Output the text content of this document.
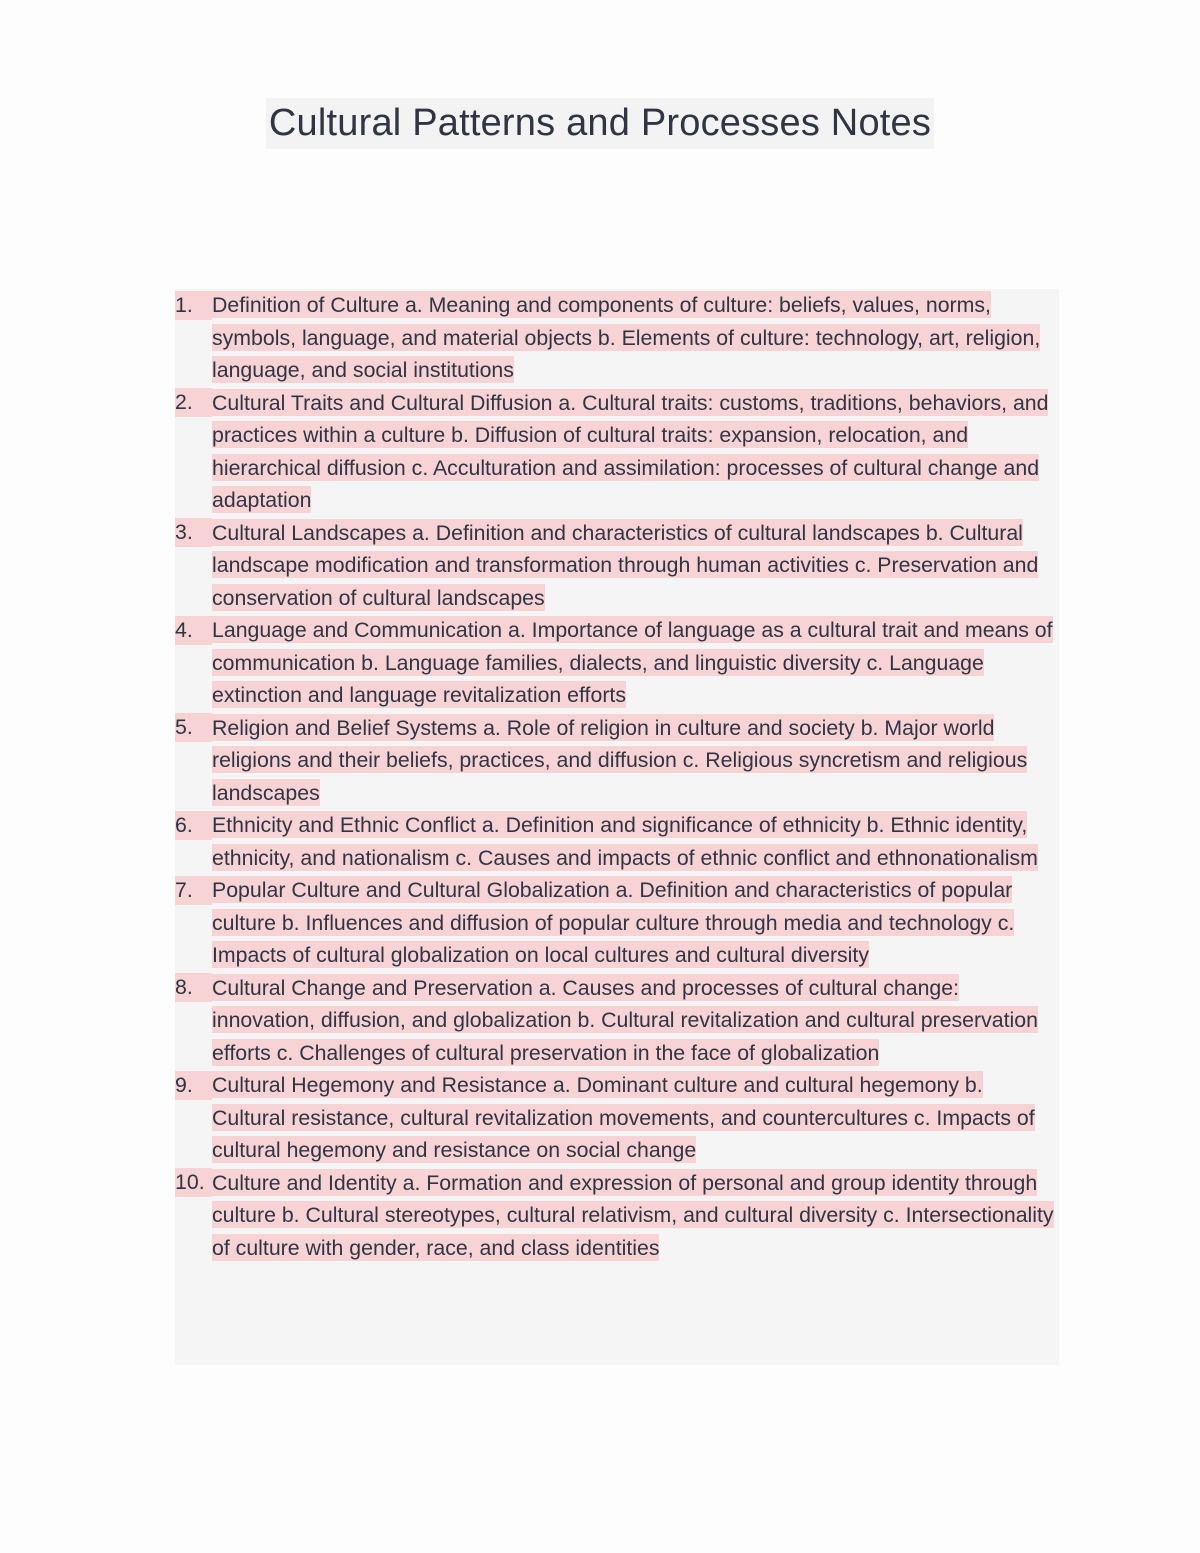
Cultural Patterns and Processes Notes
1. Definition of Culture a. Meaning and components of culture: beliefs, values, norms, symbols, language, and material objects b. Elements of culture: technology, art, religion, language, and social institutions
2. Cultural Traits and Cultural Diffusion a. Cultural traits: customs, traditions, behaviors, and practices within a culture b. Diffusion of cultural traits: expansion, relocation, and hierarchical diffusion c. Acculturation and assimilation: processes of cultural change and adaptation
3. Cultural Landscapes a. Definition and characteristics of cultural landscapes b. Cultural landscape modification and transformation through human activities c. Preservation and conservation of cultural landscapes
4. Language and Communication a. Importance of language as a cultural trait and means of communication b. Language families, dialects, and linguistic diversity c. Language extinction and language revitalization efforts
5. Religion and Belief Systems a. Role of religion in culture and society b. Major world religions and their beliefs, practices, and diffusion c. Religious syncretism and religious landscapes
6. Ethnicity and Ethnic Conflict a. Definition and significance of ethnicity b. Ethnic identity, ethnicity, and nationalism c. Causes and impacts of ethnic conflict and ethnonationalism
7. Popular Culture and Cultural Globalization a. Definition and characteristics of popular culture b. Influences and diffusion of popular culture through media and technology c. Impacts of cultural globalization on local cultures and cultural diversity
8. Cultural Change and Preservation a. Causes and processes of cultural change: innovation, diffusion, and globalization b. Cultural revitalization and cultural preservation efforts c. Challenges of cultural preservation in the face of globalization
9. Cultural Hegemony and Resistance a. Dominant culture and cultural hegemony b. Cultural resistance, cultural revitalization movements, and countercultures c. Impacts of cultural hegemony and resistance on social change
10. Culture and Identity a. Formation and expression of personal and group identity through culture b. Cultural stereotypes, cultural relativism, and cultural diversity c. Intersectionality of culture with gender, race, and class identities
